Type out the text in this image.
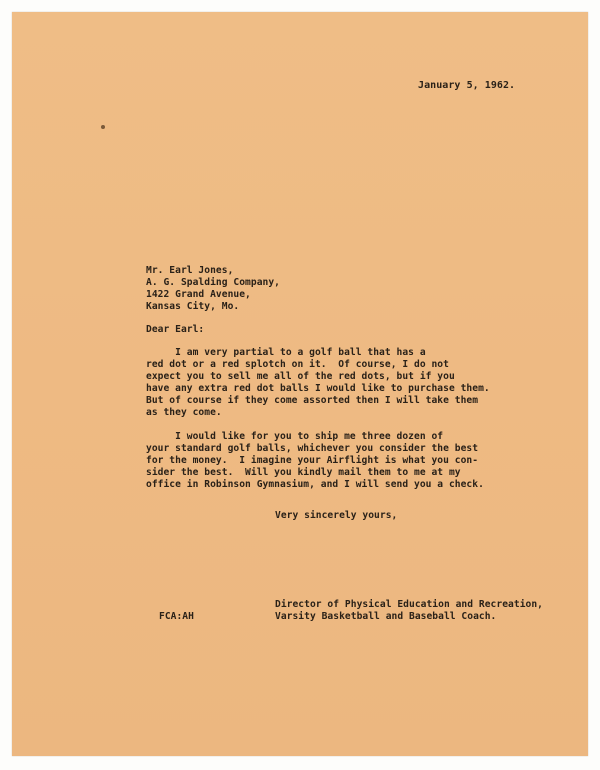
January 5, 1962.
Mr. Earl Jones,
A. G. Spalding Company,
1422 Grand Avenue,
Kansas City, Mo.
Dear Earl:
I am very partial to a golf ball that has a
red dot or a red splotch on it.  Of course, I do not
expect you to sell me all of the red dots, but if you
have any extra red dot balls I would like to purchase them.
But of course if they come assorted then I will take them
as they come.
I would like for you to ship me three dozen of
your standard golf balls, whichever you consider the best
for the money.  I imagine your Airflight is what you con-
sider the best.  Will you kindly mail them to me at my
office in Robinson Gymnasium, and I will send you a check.
Very sincerely yours,
Director of Physical Education and Recreation,
FCA:AH	Varsity Basketball and Baseball Coach.
